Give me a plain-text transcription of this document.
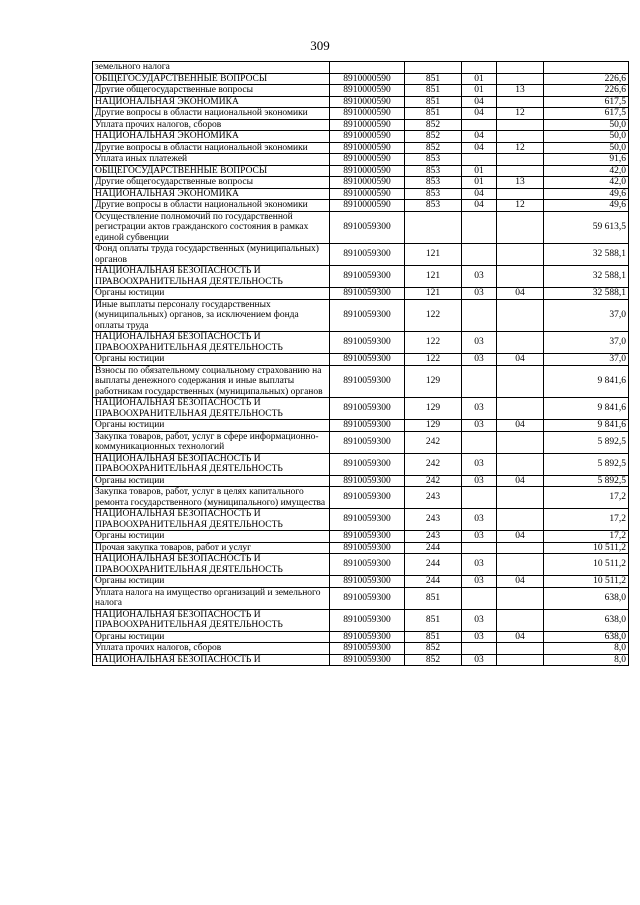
309
земельного налога					
ОБЩЕГОСУДАРСТВЕННЫЕ ВОПРОСЫ	8910000590	851	01		226,6
Другие общегосударственные вопросы	8910000590	851	01	13	226,6
НАЦИОНАЛЬНАЯ ЭКОНОМИКА	8910000590	851	04		617,5
Другие вопросы в области национальной экономики	8910000590	851	04	12	617,5
Уплата прочих налогов, сборов	8910000590	852			50,0
НАЦИОНАЛЬНАЯ ЭКОНОМИКА	8910000590	852	04		50,0
Другие вопросы в области национальной экономики	8910000590	852	04	12	50,0
Уплата иных платежей	8910000590	853			91,6
ОБЩЕГОСУДАРСТВЕННЫЕ ВОПРОСЫ	8910000590	853	01		42,0
Другие общегосударственные вопросы	8910000590	853	01	13	42,0
НАЦИОНАЛЬНАЯ ЭКОНОМИКА	8910000590	853	04		49,6
Другие вопросы в области национальной экономики	8910000590	853	04	12	49,6
Осуществление полномочий по государственной регистрации актов гражданского состояния в рамках единой субвенции	8910059300				59 613,5
Фонд оплаты труда государственных (муниципальных) органов	8910059300	121			32 588,1
НАЦИОНАЛЬНАЯ БЕЗОПАСНОСТЬ И ПРАВООХРАНИТЕЛЬНАЯ ДЕЯТЕЛЬНОСТЬ	8910059300	121	03		32 588,1
Органы юстиции	8910059300	121	03	04	32 588,1
Иные выплаты персоналу государственных (муниципальных) органов, за исключением фонда оплаты труда	8910059300	122			37,0
НАЦИОНАЛЬНАЯ БЕЗОПАСНОСТЬ И ПРАВООХРАНИТЕЛЬНАЯ ДЕЯТЕЛЬНОСТЬ	8910059300	122	03		37,0
Органы юстиции	8910059300	122	03	04	37,0
Взносы по обязательному социальному страхованию на выплаты денежного содержания и иные выплаты работникам государственных (муниципальных) органов	8910059300	129			9 841,6
НАЦИОНАЛЬНАЯ БЕЗОПАСНОСТЬ И ПРАВООХРАНИТЕЛЬНАЯ ДЕЯТЕЛЬНОСТЬ	8910059300	129	03		9 841,6
Органы юстиции	8910059300	129	03	04	9 841,6
Закупка товаров, работ, услуг в сфере информационно-коммуникационных технологий	8910059300	242			5 892,5
НАЦИОНАЛЬНАЯ БЕЗОПАСНОСТЬ И ПРАВООХРАНИТЕЛЬНАЯ ДЕЯТЕЛЬНОСТЬ	8910059300	242	03		5 892,5
Органы юстиции	8910059300	242	03	04	5 892,5
Закупка товаров, работ, услуг в целях капитального ремонта государственного (муниципального) имущества	8910059300	243			17,2
НАЦИОНАЛЬНАЯ БЕЗОПАСНОСТЬ И ПРАВООХРАНИТЕЛЬНАЯ ДЕЯТЕЛЬНОСТЬ	8910059300	243	03		17,2
Органы юстиции	8910059300	243	03	04	17,2
Прочая закупка товаров, работ и услуг	8910059300	244			10 511,2
НАЦИОНАЛЬНАЯ БЕЗОПАСНОСТЬ И ПРАВООХРАНИТЕЛЬНАЯ ДЕЯТЕЛЬНОСТЬ	8910059300	244	03		10 511,2
Органы юстиции	8910059300	244	03	04	10 511,2
Уплата налога на имущество организаций и земельного налога	8910059300	851			638,0
НАЦИОНАЛЬНАЯ БЕЗОПАСНОСТЬ И ПРАВООХРАНИТЕЛЬНАЯ ДЕЯТЕЛЬНОСТЬ	8910059300	851	03		638,0
Органы юстиции	8910059300	851	03	04	638,0
Уплата прочих налогов, сборов	8910059300	852			8,0
НАЦИОНАЛЬНАЯ БЕЗОПАСНОСТЬ И	8910059300	852	03		8,0
